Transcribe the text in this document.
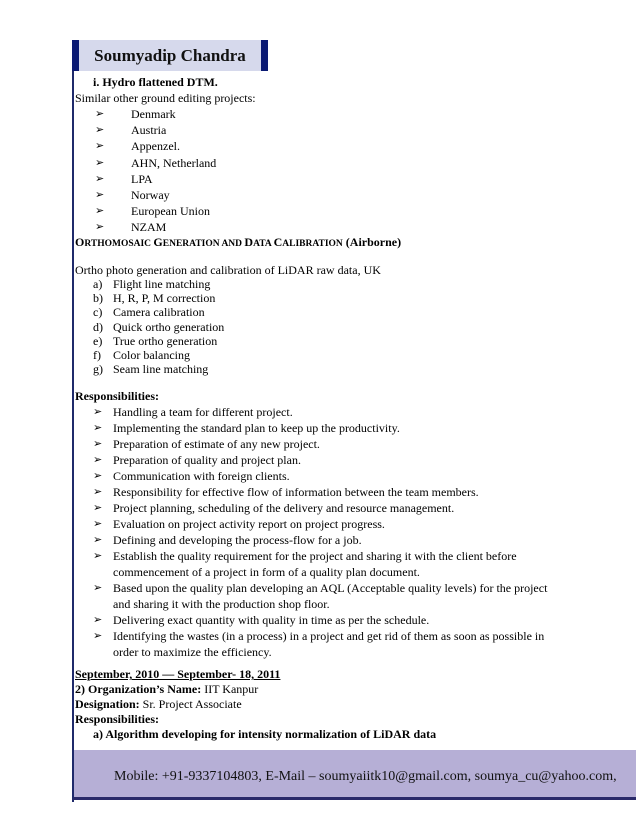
Soumyadip Chandra
i. Hydro flattened DTM.
Similar other ground editing projects:
➢ Denmark
➢ Austria
➢ Appenzel.
➢ AHN, Netherland
➢ LPA
➢ Norway
➢ European Union
➢ NZAM
ORTHOMOSAIC GENERATION AND DATA CALIBRATION (Airborne)
Ortho photo generation and calibration of LiDAR raw data, UK
a) Flight line matching
b) H, R, P, M correction
c) Camera calibration
d) Quick ortho generation
e) True ortho generation
f) Color balancing
g) Seam line matching
Responsibilities:
➢ Handling a team for different project.
➢ Implementing the standard plan to keep up the productivity.
➢ Preparation of estimate of any new project.
➢ Preparation of quality and project plan.
➢ Communication with foreign clients.
➢ Responsibility for effective flow of information between the team members.
➢ Project planning, scheduling of the delivery and resource management.
➢ Evaluation on project activity report on project progress.
➢ Defining and developing the process-flow for a job.
➢ Establish the quality requirement for the project and sharing it with the client before commencement of a project in form of a quality plan document.
➢ Based upon the quality plan developing an AQL (Acceptable quality levels) for the project and sharing it with the production shop floor.
➢ Delivering exact quantity with quality in time as per the schedule.
➢ Identifying the wastes (in a process) in a project and get rid of them as soon as possible in order to maximize the efficiency.
September, 2010 — September- 18, 2011
2) Organization’s Name: IIT Kanpur
Designation: Sr. Project Associate
Responsibilities:
a) Algorithm developing for intensity normalization of LiDAR data
Mobile: +91-9337104803, E-Mail – soumyaiitk10@gmail.com, soumya_cu@yahoo.com,
